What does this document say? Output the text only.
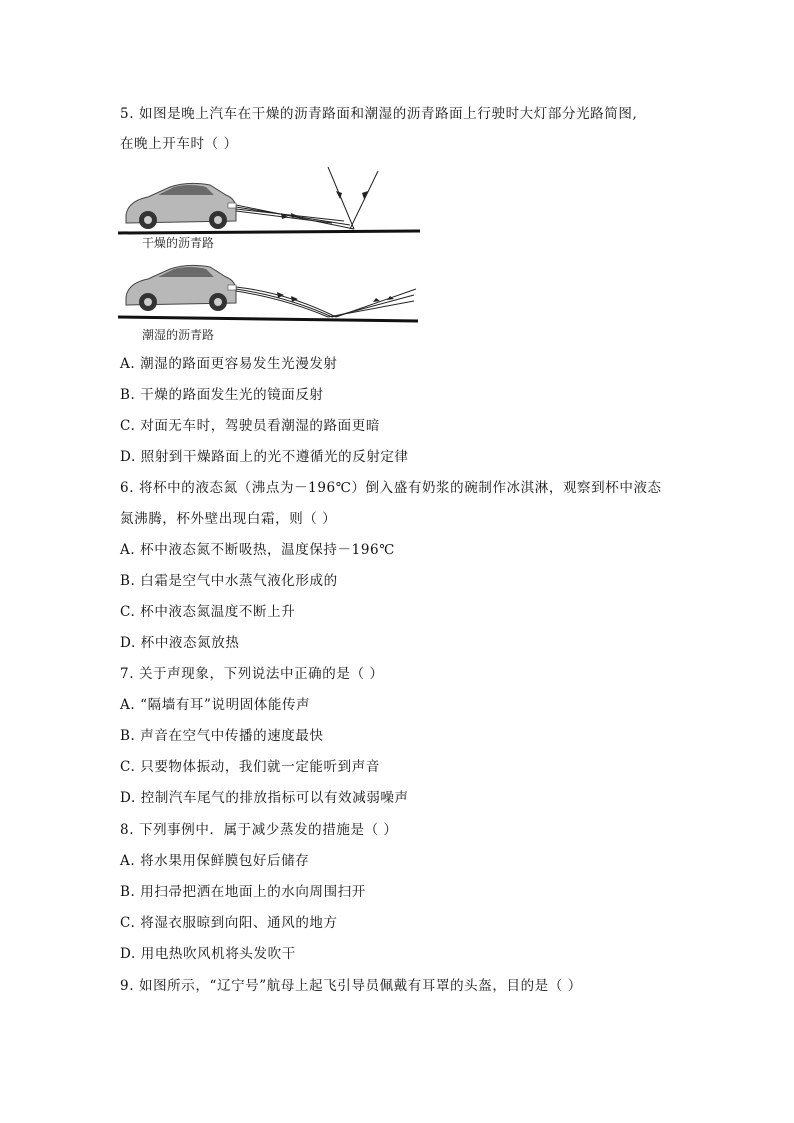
5. 如图是晚上汽车在干燥的沥青路面和潮湿的沥青路面上行驶时大灯部分光路简图,
在晚上开车时（ ）
干燥的沥青路
潮湿的沥青路
A. 潮湿的路面更容易发生光漫发射
B. 干燥的路面发生光的镜面反射
C. 对面无车时，驾驶员看潮湿的路面更暗
D. 照射到干燥路面上的光不遵循光的反射定律
6. 将杯中的液态氮（沸点为－196℃）倒入盛有奶浆的碗制作冰淇淋，观察到杯中液态
氮沸腾，杯外壁出现白霜，则（ ）
A. 杯中液态氮不断吸热，温度保持－196℃
B. 白霜是空气中水蒸气液化形成的
C. 杯中液态氮温度不断上升
D. 杯中液态氮放热
7. 关于声现象，下列说法中正确的是（ ）
A. “隔墙有耳”说明固体能传声
B. 声音在空气中传播的速度最快
C. 只要物体振动，我们就一定能听到声音
D. 控制汽车尾气的排放指标可以有效减弱噪声
8. 下列事例中．属于减少蒸发的措施是（ ）
A. 将水果用保鲜膜包好后储存
B. 用扫帚把洒在地面上的水向周围扫开
C. 将湿衣服晾到向阳、通风的地方
D. 用电热吹风机将头发吹干
9. 如图所示，“辽宁号”航母上起飞引导员佩戴有耳罩的头盔，目的是（ ）
